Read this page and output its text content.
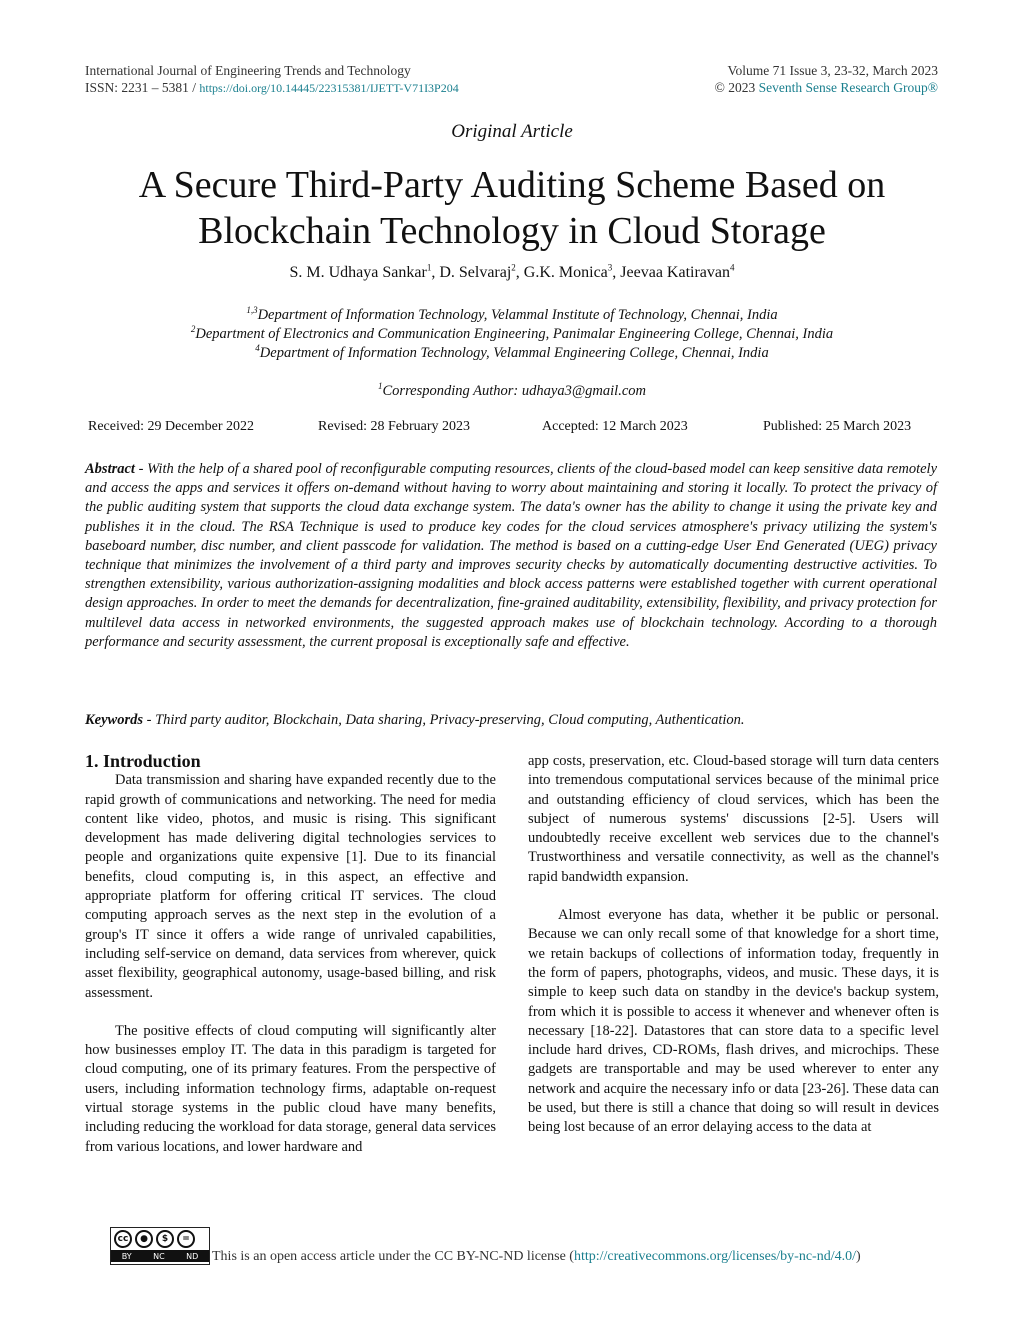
International Journal of Engineering Trends and Technology
ISSN: 2231 – 5381 / https://doi.org/10.14445/22315381/IJETT-V71I3P204
Volume 71 Issue 3, 23-32, March 2023
© 2023 Seventh Sense Research Group®
Original Article
A Secure Third-Party Auditing Scheme Based on Blockchain Technology in Cloud Storage
S. M. Udhaya Sankar$^1$, D. Selvaraj$^2$, G.K. Monica$^3$, Jeevaa Katiravan$^4$
$^{1,3}$Department of Information Technology, Velammal Institute of Technology, Chennai, India
$^2$Department of Electronics and Communication Engineering, Panimalar Engineering College, Chennai, India
$^4$Department of Information Technology, Velammal Engineering College, Chennai, India
$^1$Corresponding Author: udhaya3@gmail.com
Received: 29 December 2022	Revised: 28 February 2023	Accepted: 12 March 2023	Published: 25 March 2023
Abstract - With the help of a shared pool of reconfigurable computing resources, clients of the cloud-based model can keep sensitive data remotely and access the apps and services it offers on-demand without having to worry about maintaining and storing it locally. To protect the privacy of the public auditing system that supports the cloud data exchange system. The data's owner has the ability to change it using the private key and publishes it in the cloud. The RSA Technique is used to produce key codes for the cloud services atmosphere's privacy utilizing the system's baseboard number, disc number, and client passcode for validation. The method is based on a cutting-edge User End Generated (UEG) privacy technique that minimizes the involvement of a third party and improves security checks by automatically documenting destructive activities. To strengthen extensibility, various authorization-assigning modalities and block access patterns were established together with current operational design approaches. In order to meet the demands for decentralization, fine-grained auditability, extensibility, flexibility, and privacy protection for multilevel data access in networked environments, the suggested approach makes use of blockchain technology. According to a thorough performance and security assessment, the current proposal is exceptionally safe and effective.
Keywords - Third party auditor, Blockchain, Data sharing, Privacy-preserving, Cloud computing, Authentication.
1. Introduction

Data transmission and sharing have expanded recently due to the rapid growth of communications and networking. The need for media content like video, photos, and music is rising. This significant development has made delivering digital technologies services to people and organizations quite expensive [1]. Due to its financial benefits, cloud computing is, in this aspect, an effective and appropriate platform for offering critical IT services. The cloud computing approach serves as the next step in the evolution of a group's IT since it offers a wide range of unrivaled capabilities, including self-service on demand, data services from wherever, quick asset flexibility, geographical autonomy, usage-based billing, and risk assessment.

The positive effects of cloud computing will significantly alter how businesses employ IT. The data in this paradigm is targeted for cloud computing, one of its primary features. From the perspective of users, including information technology firms, adaptable on-request virtual storage systems in the public cloud have many benefits, including reducing the workload for data storage, general data services from various locations, and lower hardware and

app costs, preservation, etc. Cloud-based storage will turn data centers into tremendous computational services because of the minimal price and outstanding efficiency of cloud services, which has been the subject of numerous systems' discussions [2-5]. Users will undoubtedly receive excellent web services due to the channel's Trustworthiness and versatile connectivity, as well as the channel's rapid bandwidth expansion.

Almost everyone has data, whether it be public or personal. Because we can only recall some of that knowledge for a short time, we retain backups of collections of information today, frequently in the form of papers, photographs, videos, and music. These days, it is simple to keep such data on standby in the device's backup system, from which it is possible to access it whenever and whenever often is necessary [18-22]. Datastores that can store data to a specific level include hard drives, CD-ROMs, flash drives, and microchips. These gadgets are transportable and may be used wherever to enter any network and acquire the necessary info or data [23-26]. These data can be used, but there is still a chance that doing so will result in devices being lost because of an error delaying access to the data at

cc	●	$	=
BY	NC	ND This is an open access article under the CC BY-NC-ND license (http://creativecommons.org/licenses/by-nc-nd/4.0/)
